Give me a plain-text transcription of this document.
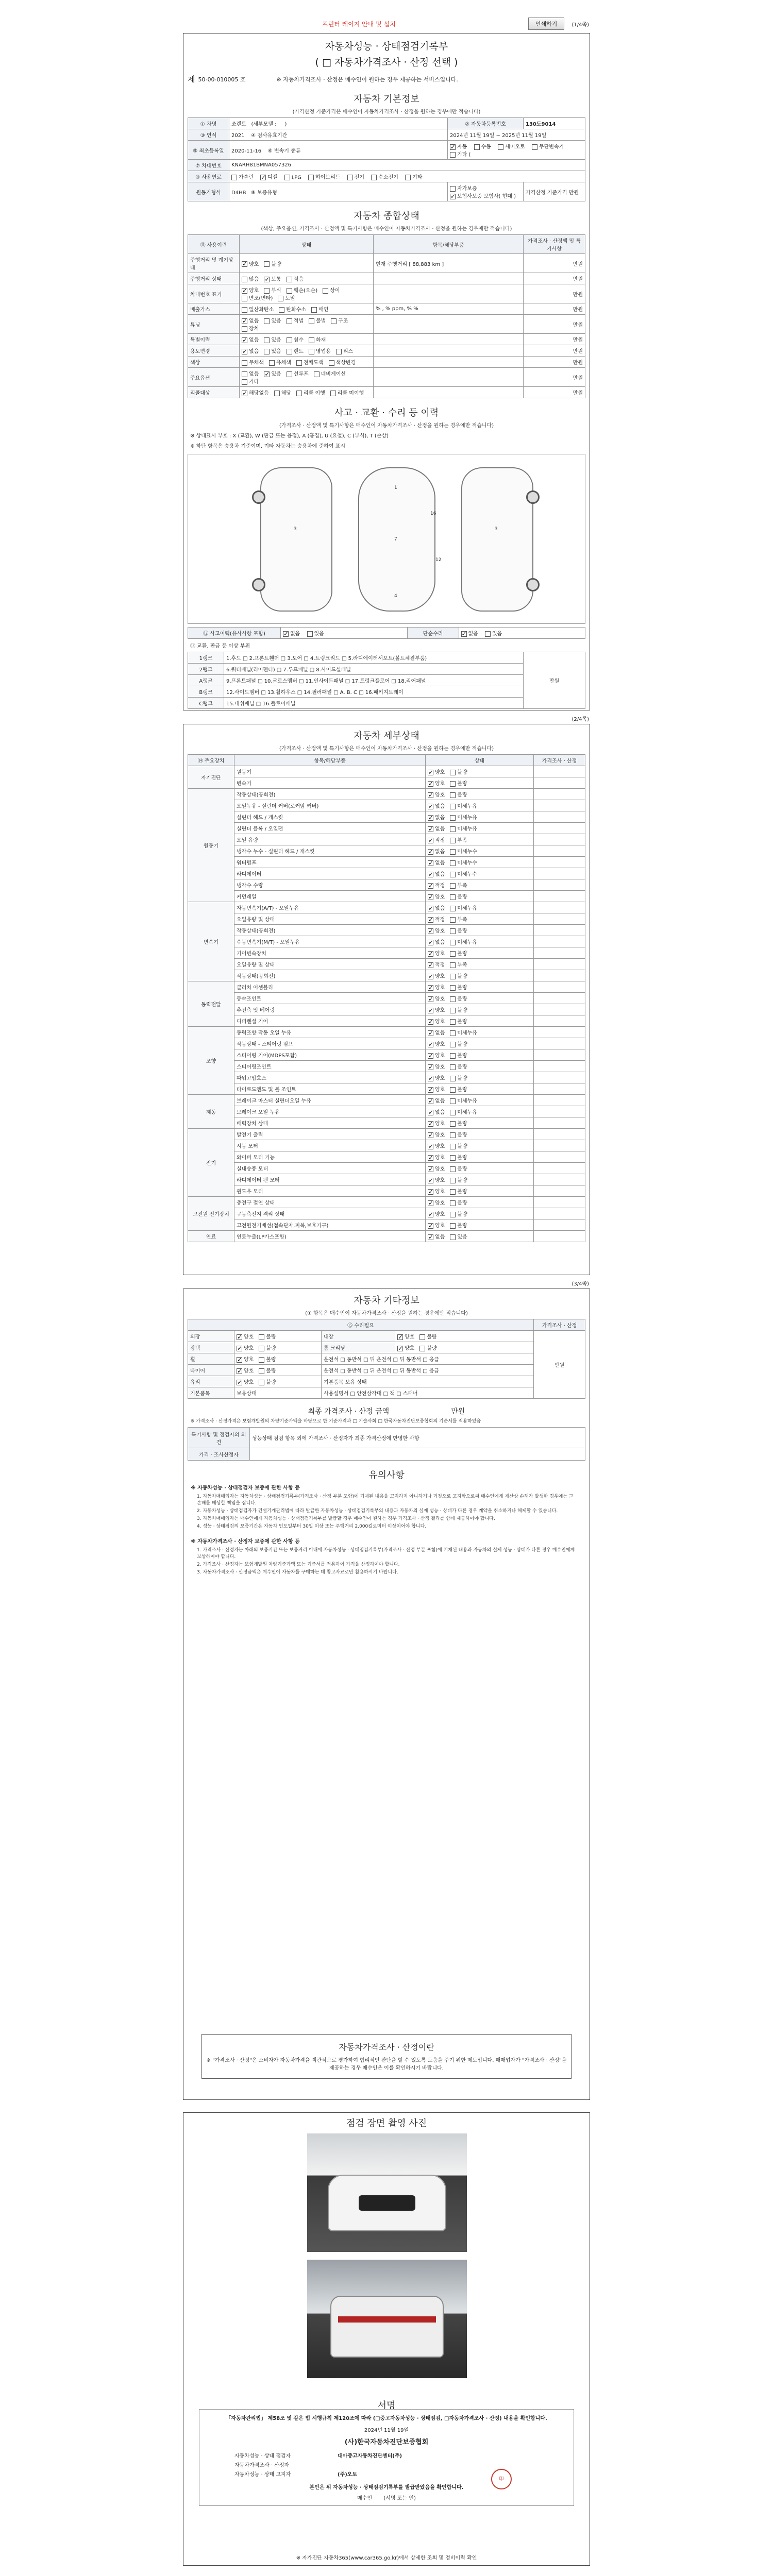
프린터 레이지 안내 및 설치	인쇄하기	(1/4쪽)
자동차성능 · 상태점검기록부
( □ 자동차가격조사 · 산정 선택 )
제 50-00-010005 호	※ 자동차가격조사 · 산정은 매수인이 원하는 경우 제공하는 서비스입니다.
자동차 기본정보
(가격산정 기준가격은 매수인이 자동차가격조사 · 산정을 원하는 경우에만 적습니다)
① 차명	쏘렌토 (세부모델 : )	② 자동차등록번호	130도9014
③ 연식	2021 ④ 검사유효기간	2024년 11월 19일 ~ 2025년 11월 19일	
⑤ 최초등록일	2020-11-16 ⑥ 변속기 종류	✓자동 수동 세미오토 무단변속기 기타 (
⑦ 차대번호	KNARH81BMNA057326		
⑧ 사용연료	가솔린 ✓ 디젤 LPG 하이브리드 전기 수소전기 기타
원동기형식	D4HB ⑨ 보증유형	자가보증 ✓보험사보증 보험사( 현대 )	가격산정 기준가격 만원
자동차 종합상태
(색상, 주요옵션, 가격조사 · 산정액 및 특기사항은 매수인이 자동차가격조사 · 산정을 원하는 경우에만 적습니다)
⑪ 사용이력	상태	항목/해당부품	가격조사 · 산정액 및 특기사항
주행거리 및 계기상태	✓양호 불량	현재 주행거리 [ 88,883 km ]	만원
주행거리 상태	많음 ✓ 보통 적음		만원
차대번호 표기	✓양호 부식 훼손(오손) 상이변조(변타) 도말		만원
배출가스	일산화탄소 탄화수소 매연	% , % ppm, % %	만원
튜닝	✓없음 있음 적법 불법 구조장치		만원
특별이력	✓없음 있음 침수 화재		만원
용도변경	✓없음 있음 렌트 영업용 리스		만원
색상	무채색 유채색 전체도색 색상변경		만원
주요옵션	없음 ✓ 있음 선루프 네비게이션기타		만원
리콜대상	✓해당없음 해당 리콜 이행 리콜 미이행		만원
사고 · 교환 · 수리 등 이력
(가격조사 · 산정액 및 특기사항은 매수인이 자동차가격조사 · 산정을 원하는 경우에만 적습니다)
※ 상태표시 부호 : X (교환), W (판금 또는 용접), A (흠집), U (요철), C (부식), T (손상)
※ 하단 항목은 승용차 기준이며, 기타 자동차는 승용차에 준하여 표시
3
1
7
4
3
16
12
⑫ 사고이력(유사사항 포함)	✓없음	있음	단순수리	✓없음	있음
⑬ 교환, 판금 등 이상 부위
1랭크	1.후드 □ 2.프론트휀더 □ 3.도어 □ 4.트렁크리드 □ 5.라디에이터서포트(볼트체결부품)	만원
2랭크	6.쿼터패널(리어펜더) □ 7.루프패널 □ 8.사이드실패널	
A랭크	9.프론트패널 □ 10.크로스멤버 □ 11.인사이드패널 □ 17.트렁크플로어 □ 18.리어패널	
B랭크	12.사이드멤버 □ 13.휠하우스 □ 14.필러패널 □ A. B. C □ 16.패키지트레이	
C랭크	15.대쉬패널 □ 16.플로어패널	
(2/4쪽)
자동차 세부상태
(가격조사 · 산정액 및 특기사항은 매수인이 자동차가격조사 · 산정을 원하는 경우에만 적습니다)
⑭ 주요장치	항목/해당부품	상태	가격조사 · 산정
자기진단	원동기	✓양호 불량	
	변속기	✓양호 불량	
원동기	작동상태(공회전)	✓양호 불량	
	오일누유 - 실린더 커버(로커암 커버)	✓없음 미세누유	
	실린더 헤드 / 개스킷	✓없음 미세누유	
	실린더 블록 / 오일팬	✓없음 미세누유	
	오일 유량	✓적정 부족	
	냉각수 누수 - 실린더 헤드 / 개스킷	✓없음 미세누수	
	워터펌프	✓없음 미세누수	
	라디에이터	✓없음 미세누수	
	냉각수 수량	✓적정 부족	
	커먼레일	✓양호 불량	
변속기	자동변속기(A/T) - 오일누유	✓없음 미세누유	
	오일유량 및 상태	✓적정 부족	
	작동상태(공회전)	✓양호 불량	
	수동변속기(M/T) - 오일누유	✓없음 미세누유	
	기어변속장치	✓양호 불량	
	오일유량 및 상태	✓적정 부족	
	작동상태(공회전)	✓양호 불량	
동력전달	클러치 어셈블리	✓양호 불량	
	등속조인트	✓양호 불량	
	추진축 및 베어링	✓양호 불량	
	디퍼렌셜 기어	✓양호 불량	
조향	동력조향 작동 오일 누유	✓없음 미세누유	
	작동상태 - 스티어링 펌프	✓양호 불량	
	스티어링 기어(MDPS포함)	✓양호 불량	
	스티어링조인트	✓양호 불량	
	파워고압호스	✓양호 불량	
	타이로드엔드 및 볼 조인트	✓양호 불량	
제동	브레이크 마스터 실린더오일 누유	✓없음 미세누유	
	브레이크 오일 누유	✓없음 미세누유	
	배력장치 상태	✓양호 불량	
전기	발전기 출력	✓양호 불량	
	시동 모터	✓양호 불량	
	와이퍼 모터 기능	✓양호 불량	
	실내송풍 모터	✓양호 불량	
	라디에이터 팬 모터	✓양호 불량	
	윈도우 모터	✓양호 불량	
고전원 전기장치	충전구 절연 상태	✓양호 불량	
	구동축전지 격리 상태	✓양호 불량	
	고전원전기배선(접속단자,피복,보호기구)	✓양호 불량	
연료	연료누출(LP가스포함)	✓없음 있음	
(3/4쪽)
자동차 기타정보
(① 항목은 매수인이 자동차가격조사 · 산정을 원하는 경우에만 적습니다)
⑮ 수리필요				가격조사 · 산정
외장	✓양호 불량	내장	✓양호 불량	만원
광택	✓양호 불량	룸 크리닝	✓양호 불량
휠	✓양호 불량	운전석 □ 동반석 □ 뒤 운전석 □ 뒤 동반석 □ 응급		
타이어	✓양호 불량	운전석 □ 동반석 □ 뒤 운전석 □ 뒤 동반석 □ 응급		
유리	✓양호 불량	기본품목 보유 상태		
기본품목	보유상태	사용설명서 □ 안전삼각대 □ 잭 □ 스패너		
최종 가격조사 · 산정 금액	만원
※ 가격조사 · 산정가격은 보험개발원의 차량기준가액을 바탕으로 한 기준가격과 □ 기술사회 □ 한국자동차진단보증협회의 기준서를 적용하였음
특기사항 및 점검자의 의견	성능상태 점검 항목 외에 가격조사 · 산정자가 최종 가격산정에 반영한 사항
가격 · 조사산정자	
유의사항
※ 자동차성능 · 상태점검자 보증에 관한 사항 등
1. 자동차매매업자는 자동차성능 · 상태점검기록부(가격조사 · 산정 부분 포함)에 기재된 내용을 고지하지 아니하거나 거짓으로 고지함으로써 매수인에게 재산상 손해가 발생한 경우에는 그 손해를 배상할 책임을 집니다.
2. 자동차성능 · 상태점검자가 건설기계관리법에 따라 발급한 자동차성능 · 상태점검기록부의 내용과 자동차의 실제 성능 · 상태가 다른 경우 계약을 취소하거나 해제할 수 있습니다.
3. 자동차매매업자는 매수인에게 자동차성능 · 상태점검기록부를 발급할 경우 매수인이 원하는 경우 가격조사 · 산정 결과를 함께 제공하여야 합니다.
4. 성능 · 상태점검의 보증기간은 자동차 인도일부터 30일 이상 또는 주행거리 2,000킬로미터 이상이어야 합니다.
※ 자동차가격조사 · 산정자 보증에 관한 사항 등
1. 가격조사 · 산정자는 아래의 보증기간 또는 보증거리 이내에 자동차성능 · 상태점검기록부(가격조사 · 산정 부분 포함)에 기재된 내용과 자동차의 실제 성능 · 상태가 다른 경우 매수인에게 보상하여야 합니다.
2. 가격조사 · 산정자는 보험개발원 차량기준가액 또는 기준서를 적용하여 가격을 산정하여야 합니다.
3. 자동차가격조사 · 산정금액은 매수인이 자동차를 구매하는 데 참고자료로만 활용하시기 바랍니다.
자동차가격조사 · 산정이란
※ "가격조사 · 산정"은 소비자가 자동차가격을 객관적으로 평가하여 합리적인 판단을 할 수 있도록 도움을 주기 위한 제도입니다. 매매업자가 "가격조사 · 산정"을 제공하는 경우 매수인은 이를 확인하시기 바랍니다.
점검 장면 촬영 사진
서명
「자동차관리법」 제58조 및 같은 법 시행규칙 제120조에 따라 (□중고자동차성능 · 상태점검, □자동차가격조사 · 산정) 내용을 확인합니다.
2024년 11월 19일
(사)한국자동차진단보증협회
자동차성능 · 상태 점검자	대아중고자동차진단센터(주)
자동차가격조사 · 산정자
자동차성능 · 상태 고지자	(주)오토
본인은 위 자동차성능 · 상태점검기록부를 발급받았음을 확인합니다.
매수인 (서명 또는 인)
印
※ 자가진단 자동차365(www.car365.go.kr)에서 상세한 조회 및 정비이력 확인
